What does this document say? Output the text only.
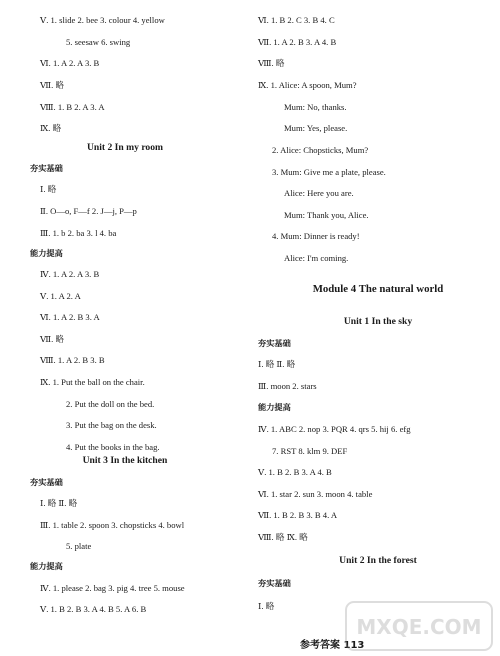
Ⅴ. 1. slide 2. bee 3. colour 4. yellow
5. seesaw 6. swing
Ⅵ. 1. A 2. A 3. B
Ⅶ. 略
Ⅷ. 1. B 2. A 3. A
Ⅸ. 略
Unit 2 In my room
夯实基础
Ⅰ. 略
Ⅱ. O—o, F—f 2. J—j, P—p
Ⅲ. 1. b 2. ba 3. l 4. ba
能力提高
Ⅳ. 1. A 2. A 3. B
Ⅴ. 1. A 2. A
Ⅵ. 1. A 2. B 3. A
Ⅶ. 略
Ⅷ. 1. A 2. B 3. B
Ⅸ. 1. Put the ball on the chair.
2. Put the doll on the bed.
3. Put the bag on the desk.
4. Put the books in the bag.
Unit 3 In the kitchen
夯实基础
Ⅰ. 略 Ⅱ. 略
Ⅲ. 1. table 2. spoon 3. chopsticks 4. bowl
5. plate
能力提高
Ⅳ. 1. please 2. bag 3. pig 4. tree 5. mouse
Ⅴ. 1. B 2. B 3. A 4. B 5. A 6. B
Ⅵ. 1. B 2. C 3. B 4. C
Ⅶ. 1. A 2. B 3. A 4. B
Ⅷ. 略
Ⅸ. 1. Alice: A spoon, Mum?
Mum: No, thanks.
Mum: Yes, please.
2. Alice: Chopsticks, Mum?
3. Mum: Give me a plate, please.
Alice: Here you are.
Mum: Thank you, Alice.
4. Mum: Dinner is ready!
Alice: I'm coming.
Module 4 The natural world
Unit 1 In the sky
夯实基础
Ⅰ. 略 Ⅱ. 略
Ⅲ. moon 2. stars
能力提高
Ⅳ. 1. ABC 2. nop 3. PQR 4. qrs 5. hij 6. efg
7. RST 8. klm 9. DEF
Ⅴ. 1. B 2. B 3. A 4. B
Ⅵ. 1. star 2. sun 3. moon 4. table
Ⅶ. 1. B 2. B 3. B 4. A
Ⅷ. 略 Ⅸ. 略
Unit 2 In the forest
夯实基础
Ⅰ. 略
参考答案 113
MXQE.COM
